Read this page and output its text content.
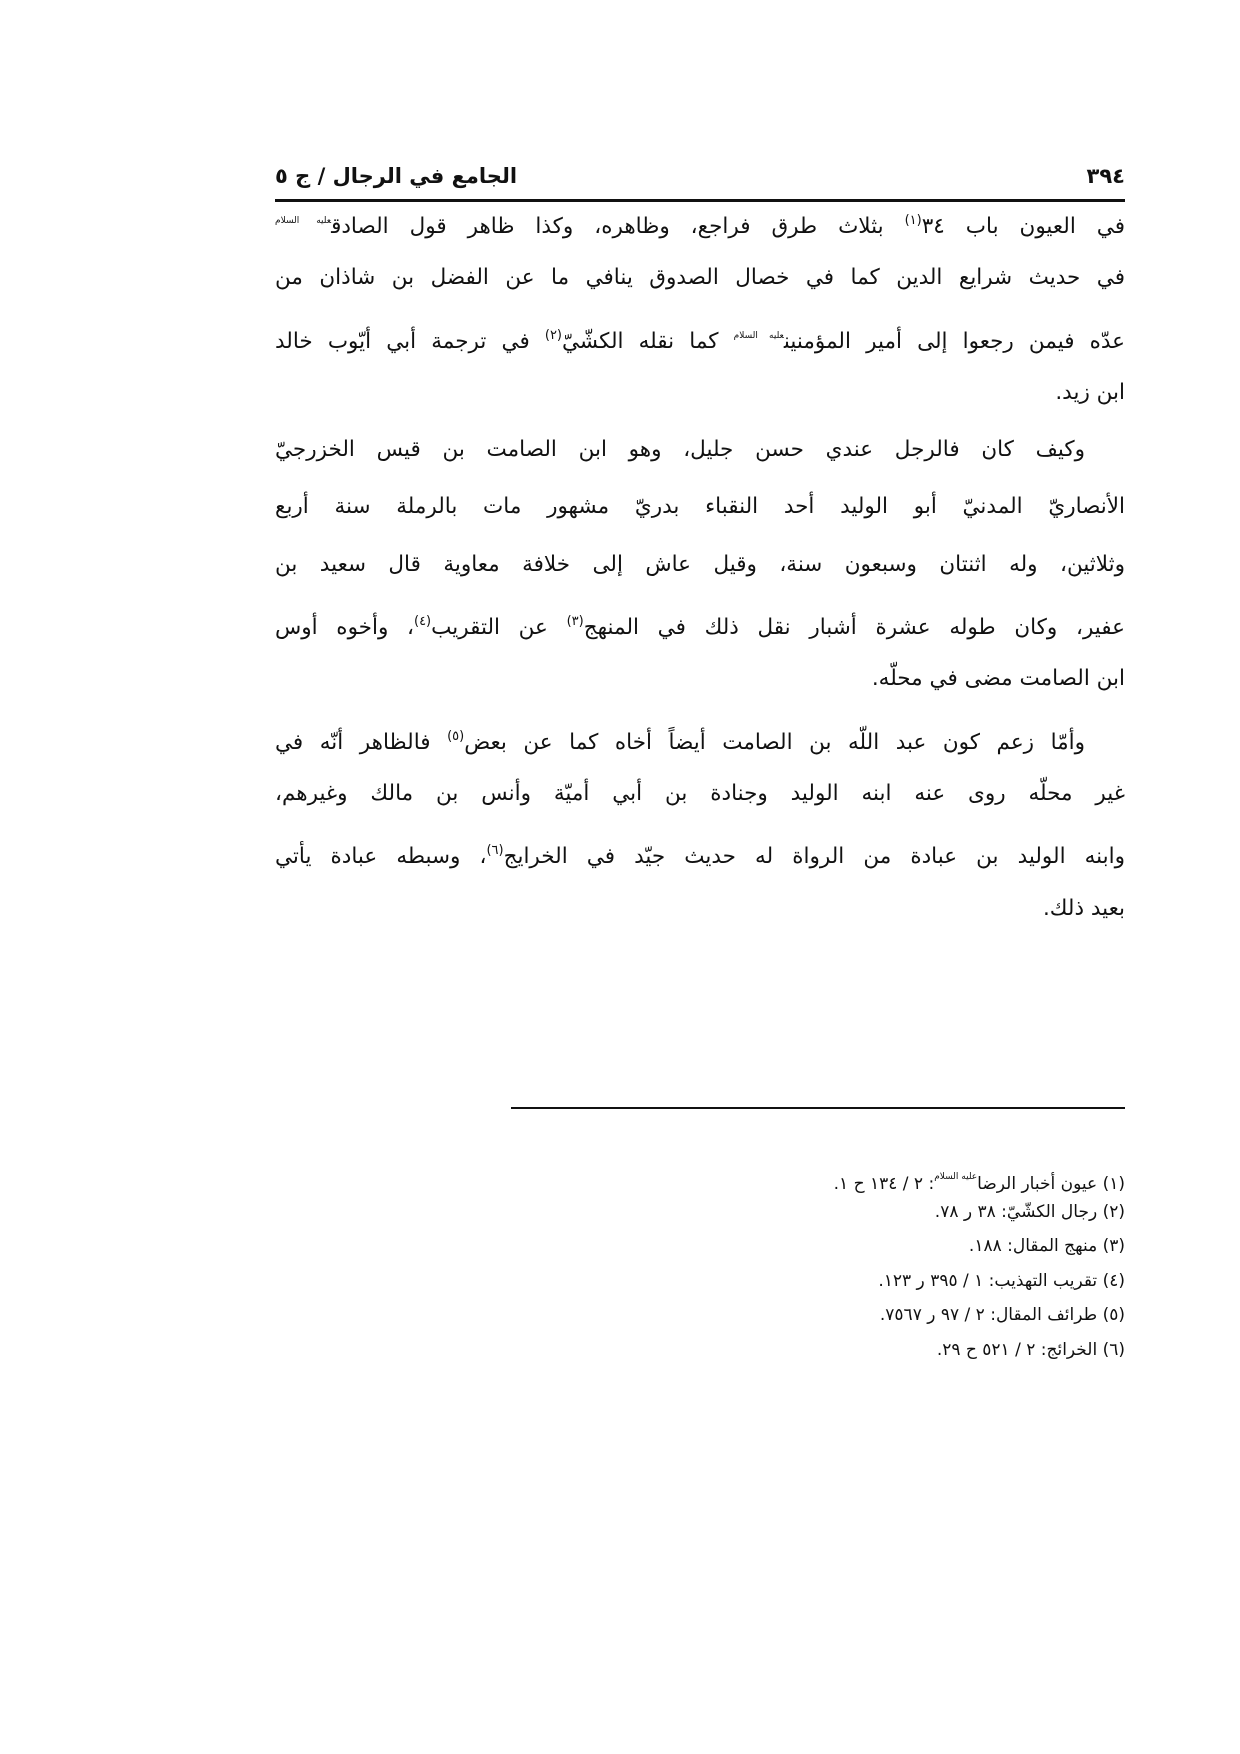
٣٩٤
الجامع في الرجال / ج ٥
في العيون باب ٣٤$^{(١)}$ بثلاث طرق فراجع، وظاهره، وكذا ظاهر قول الصادق$^{عليه السلام}$
في حديث شرايع الدين كما في خصال الصدوق ينافي ما عن الفضل بن شاذان من
عدّه فيمن رجعوا إلى أمير المؤمنين$^{عليه السلام}$ كما نقله الكشّيّ$^{(٢)}$ في ترجمة أبي أيّوب خالد
ابن زيد.
وكيف كان فالرجل عندي حسن جليل، وهو ابن الصامت بن قيس الخزرجيّ
الأنصاريّ المدنيّ أبو الوليد أحد النقباء بدريّ مشهور مات بالرملة سنة أربع
وثلاثين، وله اثنتان وسبعون سنة، وقيل عاش إلى خلافة معاوية قال سعيد بن
عفير، وكان طوله عشرة أشبار نقل ذلك في المنهج$^{(٣)}$ عن التقريب$^{(٤)}$، وأخوه أوس
ابن الصامت مضى في محلّه.
وأمّا زعم كون عبد اللّه بن الصامت أيضاً أخاه كما عن بعض$^{(٥)}$ فالظاهر أنّه في
غير محلّه روى عنه ابنه الوليد وجنادة بن أبي أميّة وأنس بن مالك وغيرهم،
وابنه الوليد بن عبادة من الرواة له حديث جيّد في الخرايج$^{(٦)}$، وسبطه عبادة يأتي
بعيد ذلك.
(١) عيون أخبار الرضا$^{عليه السلام}$: ٢ / ١٣٤ ح ١.
(٢) رجال الكشّيّ: ٣٨ ر ٧٨.
(٣) منهج المقال: ١٨٨.
(٤) تقريب التهذيب: ١ / ٣٩٥ ر ١٢٣.
(٥) طرائف المقال: ٢ / ٩٧ ر ٧٥٦٧.
(٦) الخرائج: ٢ / ٥٢١ ح ٢٩.
